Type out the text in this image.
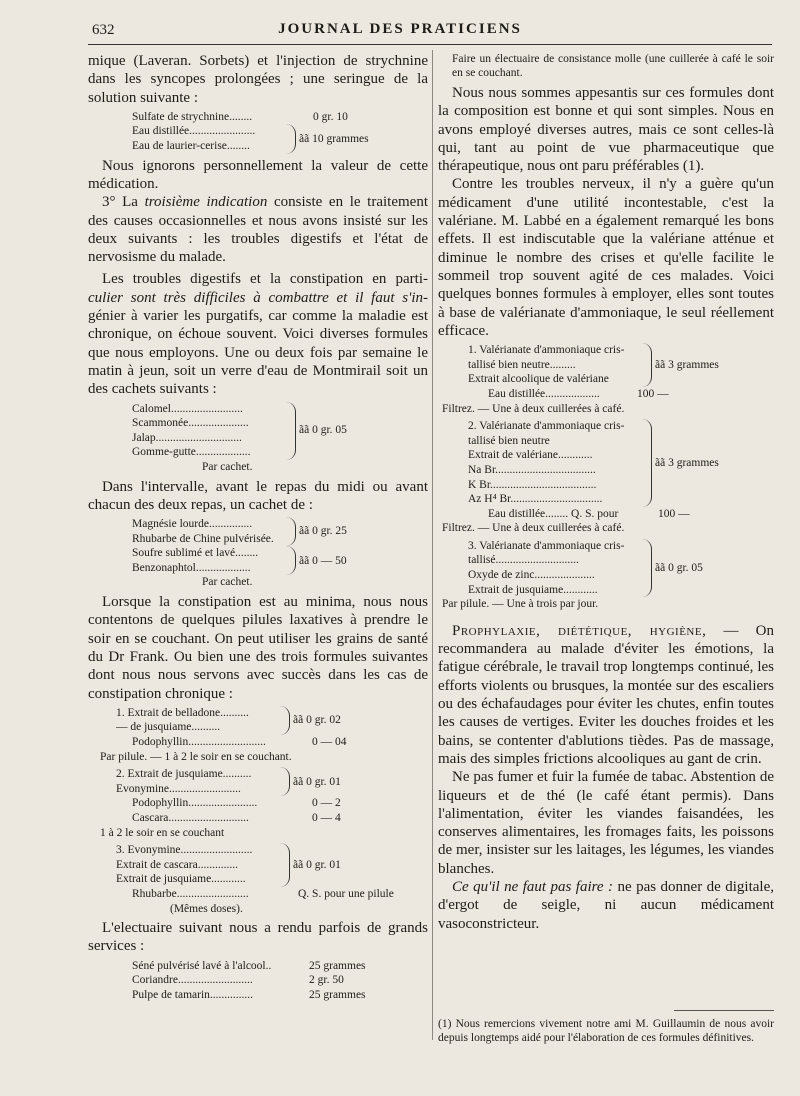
632	JOURNAL DES PRATICIENS

mique (Laveran. Sorbets) et l'injection de strychnine dans les syncopes prolongées ; une seringue de la solution suivante :

Sulfate de strychnine........	0 gr. 10
Eau distillée.......................
Eau de laurier-cerise........
ãã 10 grammes

Nous ignorons personnellement la valeur de cette médication.

3° La troisième indication consiste en le traitement des causes occasionnelles et nous avons insisté sur les deux suivants : les troubles digestifs et l'état de nervosisme du malade.

Les troubles digestifs et la constipation en parti- culier sont très difficiles à combattre et il faut s'in- génier à varier les purgatifs, car comme la maladie est chronique, on échoue souvent. Voici diverses formules que nous employons. Une ou deux fois par semaine le matin à jeun, soit un verre d'eau de Montmirail soit un des cachets suivants :

Calomel.........................
Scammonée.....................
Jalap..............................
Gomme-gutte...................
ãã 0 gr. 05
Par cachet.

Dans l'intervalle, avant le repas du midi ou avant chacun des deux repas, un cachet de :

Magnésie lourde...............
Rhubarbe de Chine pulvérisée.
ãã 0 gr. 25
Soufre sublimé et lavé........
Benzonaphtol...................
ãã 0 — 50
Par cachet.

Lorsque la constipation est au minima, nous nous contentons de quelques pilules laxatives à prendre le soir en se couchant. On peut utiliser les grains de santé du Dr Frank. Ou bien une des trois formules suivantes dont nous nous servons avec succès dans les cas de constipation chronique :

1. Extrait de belladone..........
— de jusquiame..........
ãã 0 gr. 02
Podophyllin...........................	0 — 04
Par pilule. — 1 à 2 le soir en se couchant.
2. Extrait de jusquiame..........
Evonymine.........................
ãã 0 gr. 01
Podophyllin........................	0 — 2
Cascara............................	0 — 4
1 à 2 le soir en se couchant
3. Evonymine.........................
Extrait de cascara..............
Extrait de jusquiame............
ãã 0 gr. 01
Rhubarbe.........................	Q. S. pour une pilule
(Mêmes doses).

L'electuaire suivant nous a rendu parfois de grands services :

Séné pulvérisé lavé à l'alcool..	25 grammes
Coriandre..........................	2 gr. 50
Pulpe de tamarin...............	25 grammes

Faire un électuaire de consistance molle (une cuillerée à café le soir en se couchant.

Nous nous sommes appesantis sur ces formules dont la composition est bonne et qui sont simples. Nous en avons employé diverses autres, mais ce sont celles-là qui, tant au point de vue pharmaceutique que thérapeutique, nous ont paru préférables (1).

Contre les troubles nerveux, il n'y a guère qu'un médicament d'une utilité incontestable, c'est la valériane. M. Labbé en a également remarqué les bons effets. Il est indiscutable que la valériane atténue et diminue le nombre des crises et qu'elle facilite le sommeil trop souvent agité de ces malades. Voici quelques bonnes formules à employer, elles sont toutes à base de valérianate d'ammoniaque, le seul réellement efficace.

1. Valérianate d'ammoniaque cris-
tallisé bien neutre.........
Extrait alcoolique de valériane
ãã 3 grammes
Eau distillée...................	100 —
Filtrez. — Une à deux cuillerées à café.
2. Valérianate d'ammoniaque cris-
tallisé bien neutre
Extrait de valériane............
Na Br...................................
K Br.....................................
Az H⁴ Br................................
ãã 3 grammes
Eau distillée........ Q. S. pour	100 —
Filtrez. — Une à deux cuillerées à café.
3. Valérianate d'ammoniaque cris-
tallisé.............................
Oxyde de zinc.....................
Extrait de jusquiame............
ãã 0 gr. 05
Par pilule. — Une à trois par jour.

Prophylaxie, diététique, hygiène, — On recommandera au malade d'éviter les émotions, la fatigue cérébrale, le travail trop longtemps continué, les efforts violents ou brusques, la montée sur des escaliers ou des échafaudages pour éviter les chutes, enfin toutes les causes de vertiges. Eviter les douches froides et les bains, se contenter d'ablutions tièdes. Pas de massage, mais des simples frictions alcooliques au gant de crin.

Ne pas fumer et fuir la fumée de tabac. Abstention de liqueurs et de thé (le café étant permis). Dans l'alimentation, éviter les viandes faisandées, les conserves alimentaires, les fromages faits, les poissons de mer, insister sur les laitages, les légumes, les viandes blanches.

Ce qu'il ne faut pas faire : ne pas donner de digitale, d'ergot de seigle, ni aucun médicament vasoconstricteur.

(1) Nous remercions vivement notre ami M. Guillaumin de nous avoir depuis longtemps aidé pour l'élaboration de ces formules définitives.
